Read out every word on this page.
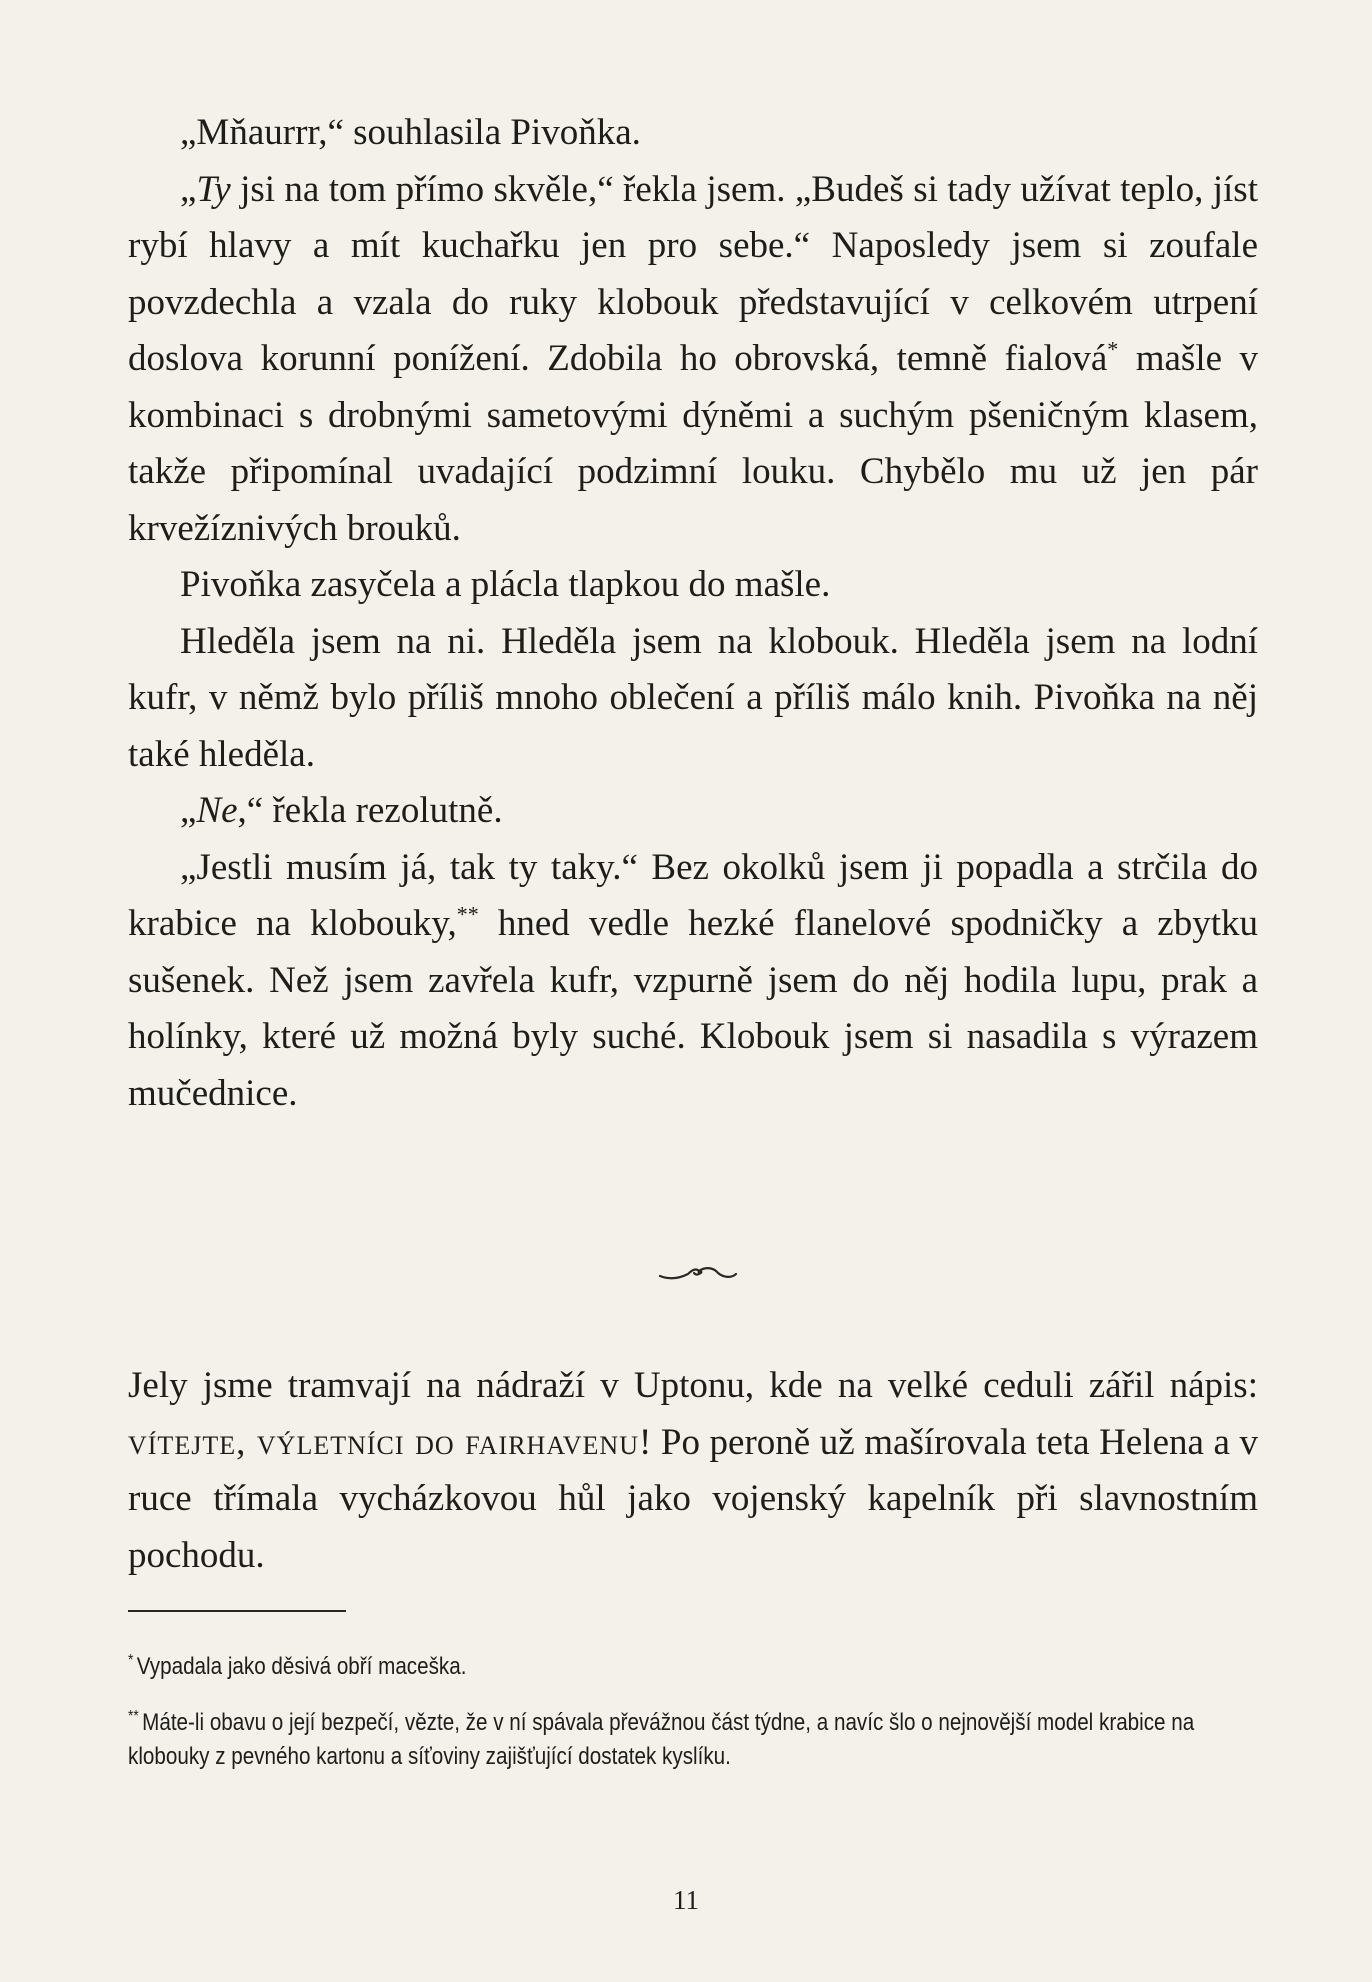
„Mňaurrr,“ souhlasila Pivoňka.

„Ty jsi na tom přímo skvěle,“ řekla jsem. „Budeš si tady užívat teplo, jíst rybí hlavy a mít kuchařku jen pro sebe.“ Naposledy jsem si zoufale povzdechla a vzala do ruky klobouk představující v celkovém utrpení doslova korunní ponížení. Zdobila ho obrovská, temně fialová* mašle v kombinaci s drobnými sametovými dýněmi a suchým pšeničným klasem, takže připomínal uvadající podzimní louku. Chybělo mu už jen pár krvežíznivých brouků.

Pivoňka zasyčela a plácla tlapkou do mašle.

Hleděla jsem na ni. Hleděla jsem na klobouk. Hleděla jsem na lodní kufr, v němž bylo příliš mnoho oblečení a příliš málo knih. Pivoňka na něj také hleděla.

„Ne,“ řekla rezolutně.

„Jestli musím já, tak ty taky.“ Bez okolků jsem ji popadla a strčila do krabice na klobouky,** hned vedle hezké flanelové spodničky a zbytku sušenek. Než jsem zavřela kufr, vzpurně jsem do něj hodila lupu, prak a holínky, které už možná byly suché. Klobouk jsem si nasadila s výrazem mučednice.

Jely jsme tramvají na nádraží v Uptonu, kde na velké ceduli zářil nápis: vítejte, výletníci do fairhavenu! Po peroně už mašírovala teta Helena a v ruce třímala vycházkovou hůl jako vojenský kapelník při slavnostním pochodu.

* Vypadala jako děsivá obří maceška.

** Máte-li obavu o její bezpečí, vězte, že v ní spávala převážnou část týdne, a navíc šlo o nejnovější model krabice na klobouky z pevného kartonu a síťoviny zajišťující dostatek kyslíku.

11
